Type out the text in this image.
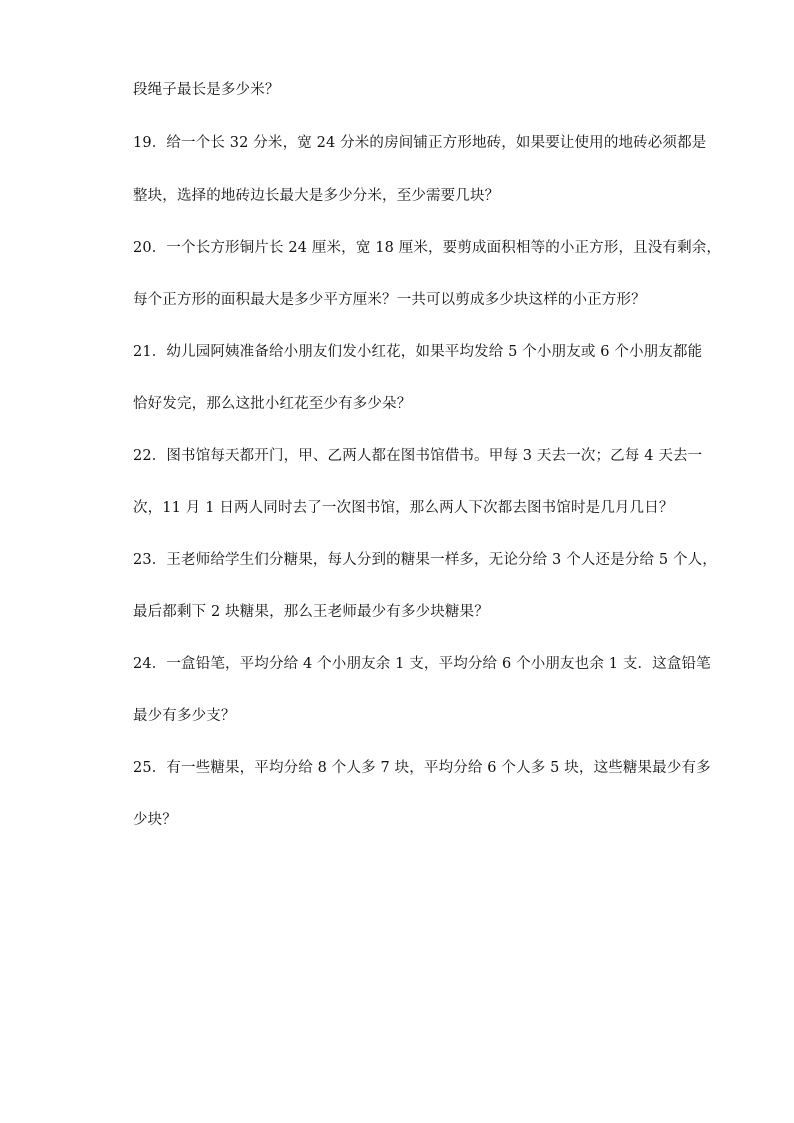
段绳子最长是多少米？
19．给一个长 32 分米，宽 24 分米的房间铺正方形地砖，如果要让使用的地砖必须都是
整块，选择的地砖边长最大是多少分米，至少需要几块？
20．一个长方形铜片长 24 厘米，宽 18 厘米，要剪成面积相等的小正方形，且没有剩余，
每个正方形的面积最大是多少平方厘米？一共可以剪成多少块这样的小正方形？
21．幼儿园阿姨准备给小朋友们发小红花，如果平均发给 5 个小朋友或 6 个小朋友都能
恰好发完，那么这批小红花至少有多少朵？
22．图书馆每天都开门，甲、乙两人都在图书馆借书。甲每 3 天去一次；乙每 4 天去一
次，11 月 1 日两人同时去了一次图书馆，那么两人下次都去图书馆时是几月几日？
23．王老师给学生们分糖果，每人分到的糖果一样多，无论分给 3 个人还是分给 5 个人，
最后都剩下 2 块糖果，那么王老师最少有多少块糖果？
24．一盒铅笔，平均分给 4 个小朋友余 1 支，平均分给 6 个小朋友也余 1 支．这盒铅笔
最少有多少支？
25．有一些糖果，平均分给 8 个人多 7 块，平均分给 6 个人多 5 块，这些糖果最少有多
少块？
